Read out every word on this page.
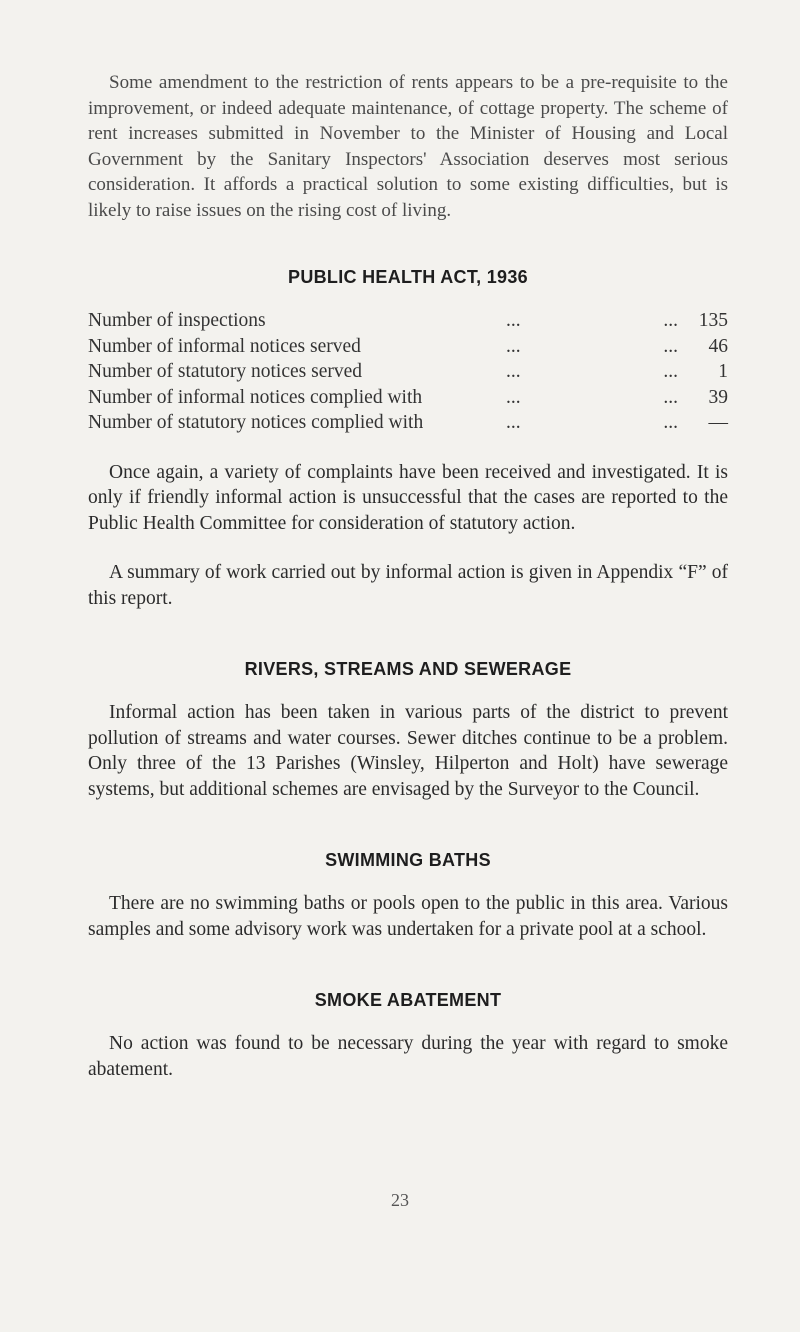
Some amendment to the restriction of rents appears to be a pre-requisite to the improvement, or indeed adequate maintenance, of cottage property. The scheme of rent increases submitted in November to the Minister of Housing and Local Government by the Sanitary Inspectors' Association deserves most serious consideration. It affords a practical solution to some existing difficulties, but is likely to raise issues on the rising cost of living.

PUBLIC HEALTH ACT, 1936
Number of inspections	...	... 135
Number of informal notices served	...	...	46
Number of statutory notices served	...	...	1
Number of informal notices complied with	...	...	39
Number of statutory notices complied with	...	...	—

Once again, a variety of complaints have been received and investigated. It is only if friendly informal action is unsuccessful that the cases are reported to the Public Health Committee for consideration of statutory action.

A summary of work carried out by informal action is given in Appendix “F” of this report.

RIVERS, STREAMS AND SEWERAGE

Informal action has been taken in various parts of the district to prevent pollution of streams and water courses. Sewer ditches continue to be a problem. Only three of the 13 Parishes (Winsley, Hilperton and Holt) have sewerage systems, but additional schemes are envisaged by the Surveyor to the Council.

SWIMMING BATHS

There are no swimming baths or pools open to the public in this area. Various samples and some advisory work was undertaken for a private pool at a school.

SMOKE ABATEMENT

No action was found to be necessary during the year with regard to smoke abatement.

23
